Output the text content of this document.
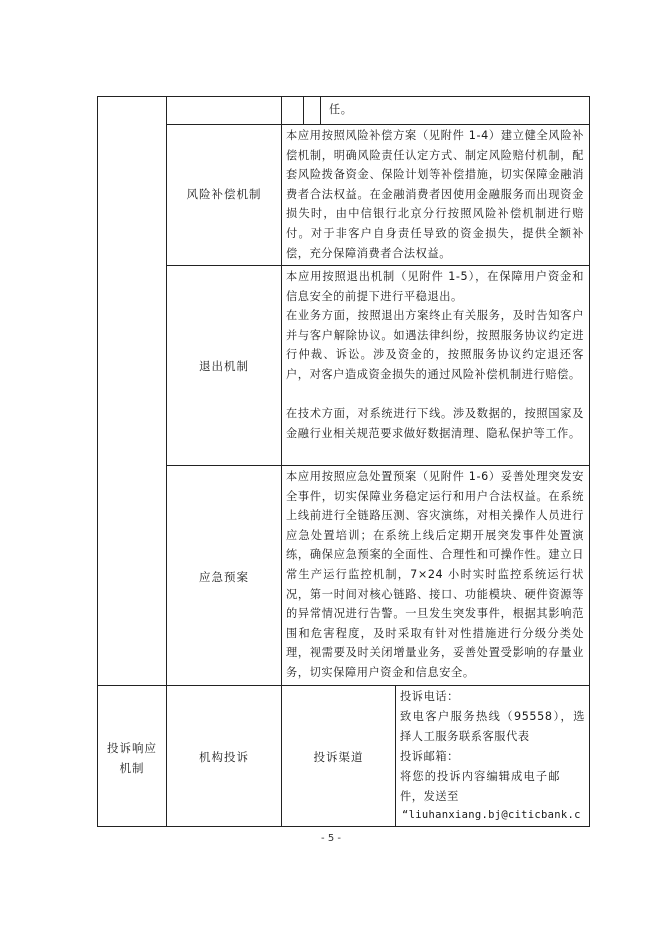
任。

风险补偿机制

本应用按照风险补偿方案（见附件 1-4）建立健全风险补偿机制，明确风险责任认定方式、制定风险赔付机制，配套风险拨备资金、保险计划等补偿措施，切实保障金融消费者合法权益。在金融消费者因使用金融服务而出现资金损失时，由中信银行北京分行按照风险补偿机制进行赔付。对于非客户自身责任导致的资金损失，提供全额补偿，充分保障消费者合法权益。

退出机制

本应用按照退出机制（见附件 1-5），在保障用户资金和信息安全的前提下进行平稳退出。

在业务方面，按照退出方案终止有关服务，及时告知客户并与客户解除协议。如遇法律纠纷，按照服务协议约定进行仲裁、诉讼。涉及资金的，按照服务协议约定退还客户，对客户造成资金损失的通过风险补偿机制进行赔偿。

在技术方面，对系统进行下线。涉及数据的，按照国家及金融行业相关规范要求做好数据清理、隐私保护等工作。

应急预案

本应用按照应急处置预案（见附件 1-6）妥善处理突发安全事件，切实保障业务稳定运行和用户合法权益。在系统上线前进行全链路压测、容灾演练，对相关操作人员进行应急处置培训；在系统上线后定期开展突发事件处置演练，确保应急预案的全面性、合理性和可操作性。建立日常生产运行监控机制，7×24 小时实时监控系统运行状况，第一时间对核心链路、接口、功能模块、硬件资源等的异常情况进行告警。一旦发生突发事件，根据其影响范围和危害程度，及时采取有针对性措施进行分级分类处理，视需要及时关闭增量业务，妥善处置受影响的存量业务，切实保障用户资金和信息安全。

投诉响应机制
机构投诉	投诉渠道

投诉电话：

致电客户服务热线（95558），选择人工服务联系客服代表

投诉邮箱：

将您的投诉内容编辑成电子邮件，发送至

“liuhanxiang.bj@citicbank.c

- 5 -
